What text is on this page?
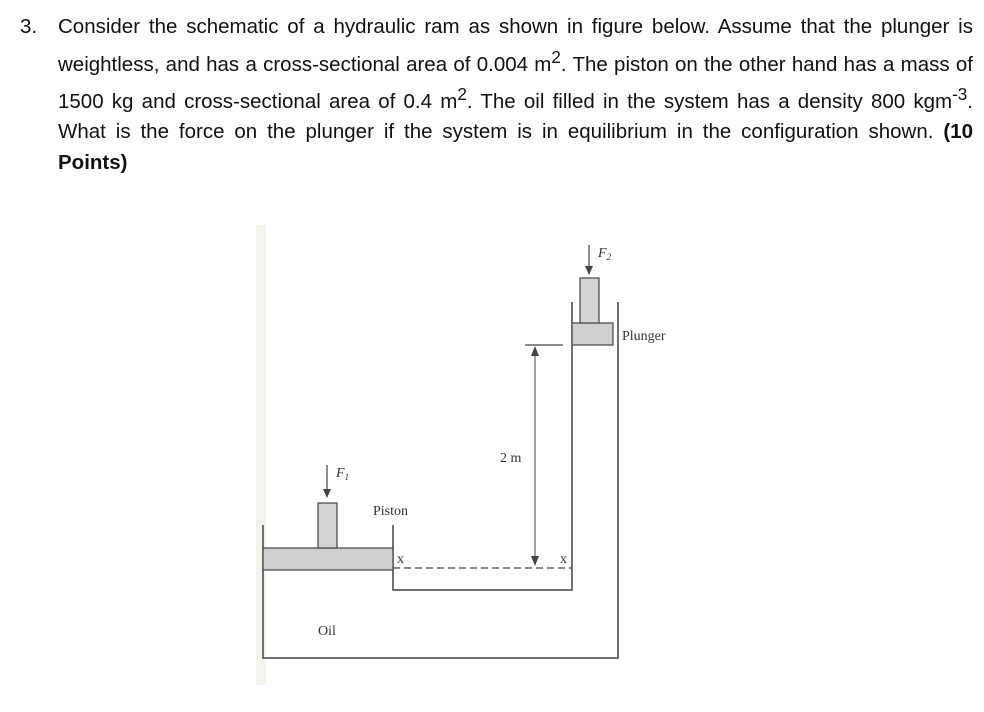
3. Consider the schematic of a hydraulic ram as shown in figure below. Assume that the plunger is weightless, and has a cross-sectional area of 0.004 $m^2$. The piston on the other hand has a mass of 1500 kg and cross-sectional area of 0.4 $m^2$. The oil filled in the system has a density 800 kgm$^{-3}$. What is the force on the plunger if the system is in equilibrium in the configuration shown. (10 Points)
$F_1$
$F_2$
Piston
Plunger
Oil
2 m
x	x
